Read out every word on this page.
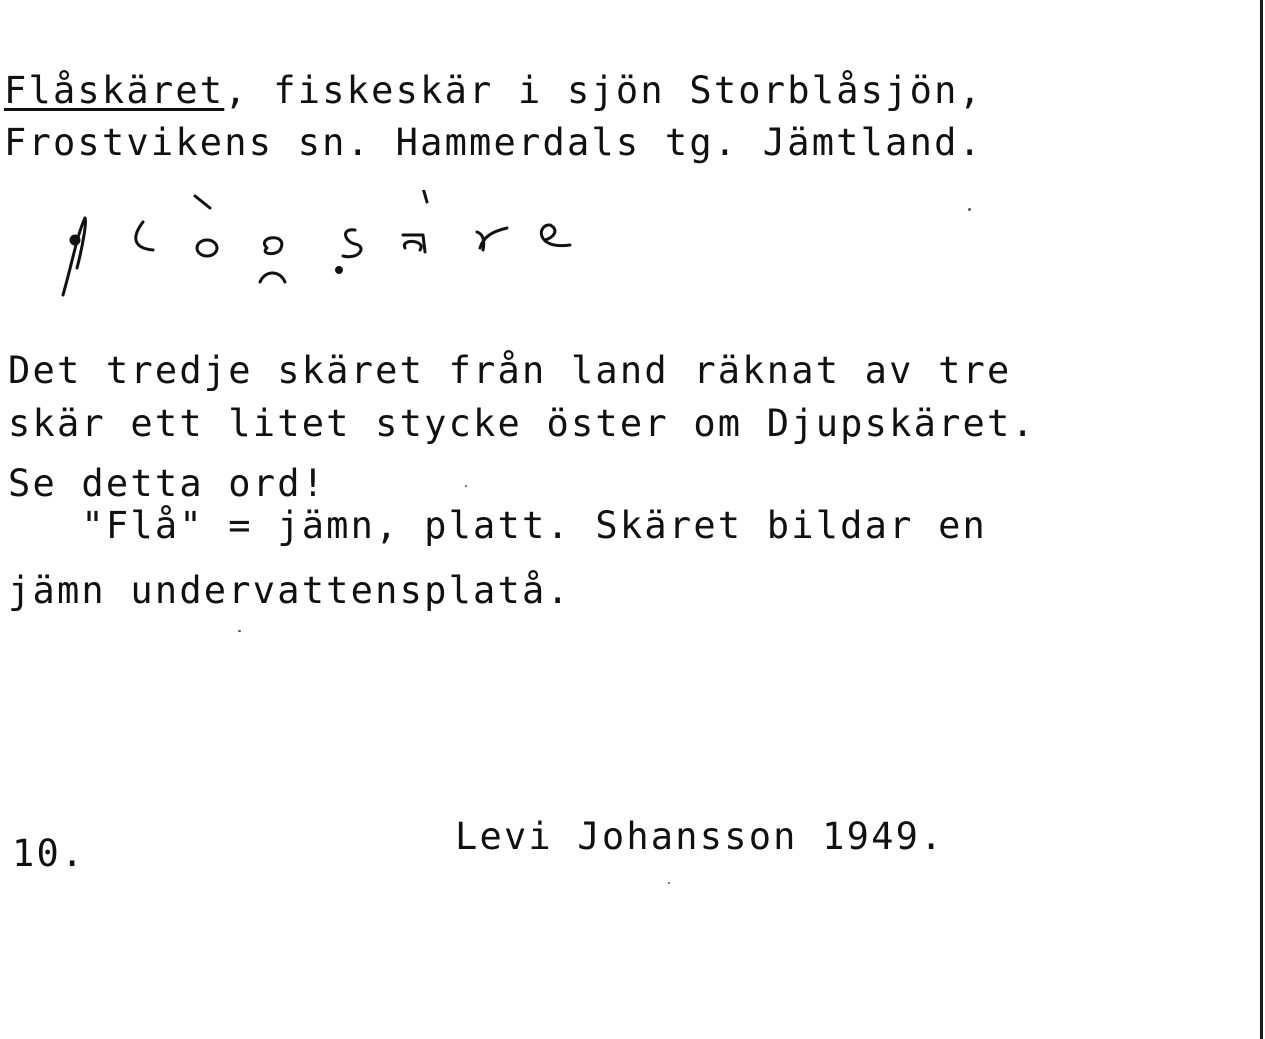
Flåskäret, fiskeskär i sjön Storblåsjön,
Frostvikens sn. Hammerdals tg. Jämtland.
Det tredje skäret från land räknat av tre
skär ett litet stycke öster om Djupskäret.
Se detta ord!
"Flå" = jämn, platt. Skäret bildar en
jämn undervattensplatå.
10.	Levi Johansson 1949.
